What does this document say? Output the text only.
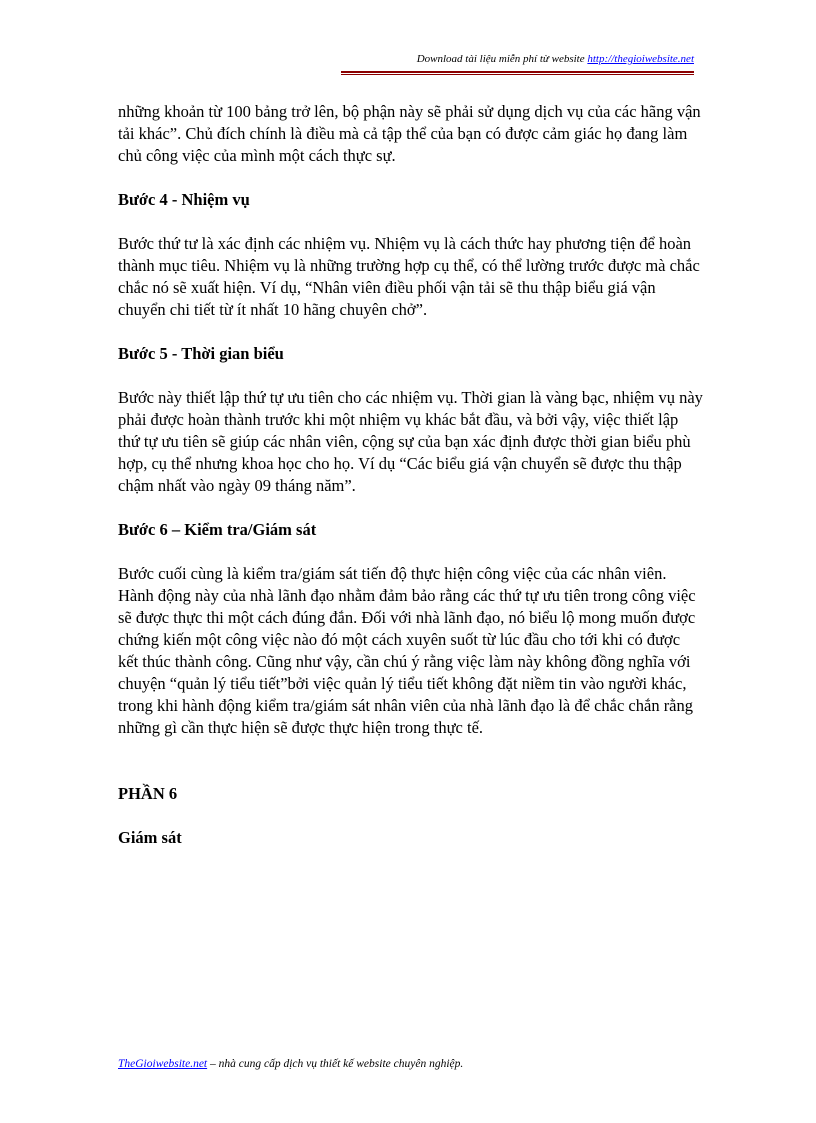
Download tài liệu miễn phí từ website http://thegioiwebsite.net

những khoản từ 100 bảng trở lên, bộ phận này sẽ phải sử dụng dịch vụ của các hãng vận tải khác”. Chủ đích chính là điều mà cả tập thể của bạn có được cảm giác họ đang làm chủ công việc của mình một cách thực sự.

Bước 4 - Nhiệm vụ

Bước thứ tư là xác định các nhiệm vụ. Nhiệm vụ là cách thức hay phương tiện để hoàn thành mục tiêu. Nhiệm vụ là những trường hợp cụ thể, có thể lường trước được mà chắc chắc nó sẽ xuất hiện. Ví dụ, “Nhân viên điều phối vận tải sẽ thu thập biểu giá vận chuyển chi tiết từ ít nhất 10 hãng chuyên chở”.

Bước 5 - Thời gian biểu

Bước này thiết lập thứ tự ưu tiên cho các nhiệm vụ. Thời gian là vàng bạc, nhiệm vụ này phải được hoàn thành trước khi một nhiệm vụ khác bắt đầu, và bởi vậy, việc thiết lập thứ tự ưu tiên sẽ giúp các nhân viên, cộng sự của bạn xác định được thời gian biểu phù hợp, cụ thể nhưng khoa học cho họ. Ví dụ “Các biểu giá vận chuyển sẽ được thu thập chậm nhất vào ngày 09 tháng năm”.

Bước 6 – Kiểm tra/Giám sát

Bước cuối cùng là kiểm tra/giám sát tiến độ thực hiện công việc của các nhân viên. Hành động này của nhà lãnh đạo nhằm đảm bảo rằng các thứ tự ưu tiên trong công việc sẽ được thực thi một cách đúng đắn. Đối với nhà lãnh đạo, nó biểu lộ mong muốn được chứng kiến một công việc nào đó một cách xuyên suốt từ lúc đầu cho tới khi có được kết thúc thành công. Cũng như vậy, cần chú ý rằng việc làm này không đồng nghĩa với chuyện “quản lý tiểu tiết”bởi việc quản lý tiểu tiết không đặt niềm tin vào người khác, trong khi hành động kiểm tra/giám sát nhân viên của nhà lãnh đạo là để chắc chắn rằng những gì cần thực hiện sẽ được thực hiện trong thực tế.

PHẦN 6

Giám sát

TheGioiwebsite.net – nhà cung cấp dịch vụ thiết kế website chuyên nghiệp.
